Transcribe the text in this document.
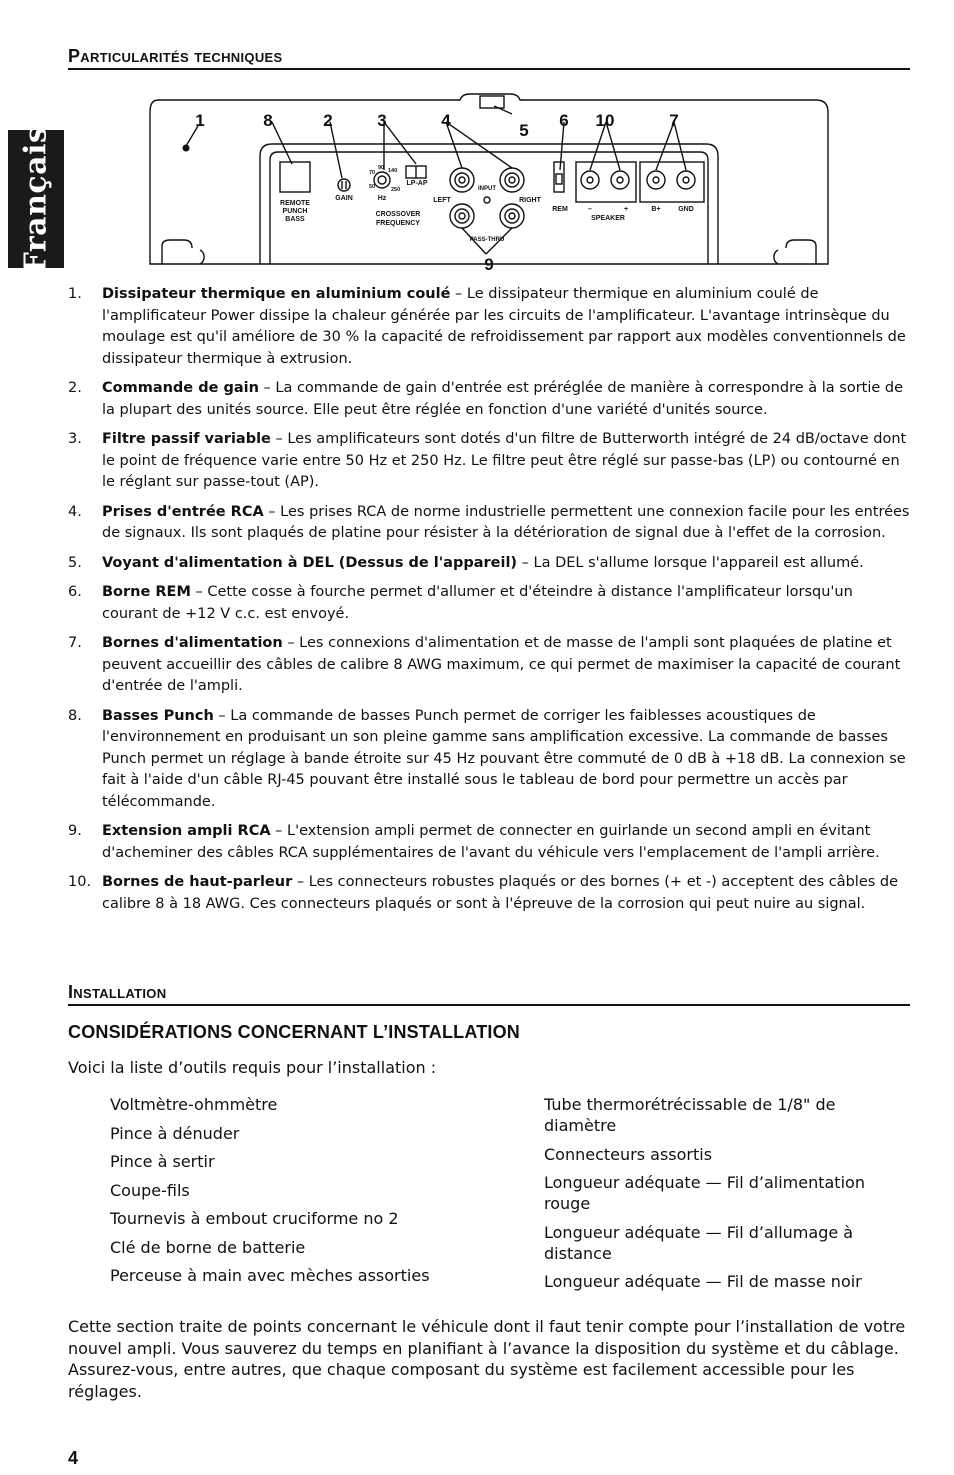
Français
Particularités techniques
1	8	2	3	4
5
6 10	7
9
REMOTE
PUNCH
BASS
GAIN
LP-AP
70
90 140
50	250
Hz
CROSSOVER
FREQUENCY
INPUT
LEFT	RIGHT
PASS-THRU
REM	–	+
SPEAKER
B+	GND
1. Dissipateur thermique en aluminium coulé – Le dissipateur thermique en aluminium coulé de l'amplificateur Power dissipe la chaleur générée par les circuits de l'amplificateur. L'avantage intrinsèque du moulage est qu'il améliore de 30 % la capacité de refroidissement par rapport aux modèles conventionnels de dissipateur thermique à extrusion.
2. Commande de gain – La commande de gain d'entrée est préréglée de manière à correspondre à la sortie de la plupart des unités source. Elle peut être réglée en fonction d'une variété d'unités source.
3. Filtre passif variable – Les amplificateurs sont dotés d'un filtre de Butterworth intégré de 24 dB/octave dont le point de fréquence varie entre 50 Hz et 250 Hz. Le filtre peut être réglé sur passe-bas (LP) ou contourné en le réglant sur passe-tout (AP).
4. Prises d'entrée RCA – Les prises RCA de norme industrielle permettent une connexion facile pour les entrées de signaux. Ils sont plaqués de platine pour résister à la détérioration de signal due à l'effet de la corrosion.
5. Voyant d'alimentation à DEL (Dessus de l'appareil) – La DEL s'allume lorsque l'appareil est allumé.
6. Borne REM – Cette cosse à fourche permet d'allumer et d'éteindre à distance l'amplificateur lorsqu'un courant de +12 V c.c. est envoyé.
7. Bornes d'alimentation – Les connexions d'alimentation et de masse de l'ampli sont plaquées de platine et peuvent accueillir des câbles de calibre 8 AWG maximum, ce qui permet de maximiser la capacité de courant d'entrée de l'ampli.
8. Basses Punch – La commande de basses Punch permet de corriger les faiblesses acoustiques de l'environnement en produisant un son pleine gamme sans amplification excessive. La commande de basses Punch permet un réglage à bande étroite sur 45 Hz pouvant être commuté de 0 dB à +18 dB. La connexion se fait à l'aide d'un câble RJ-45 pouvant être installé sous le tableau de bord pour permettre un accès par télécommande.
9. Extension ampli RCA – L'extension ampli permet de connecter en guirlande un second ampli en évitant d'acheminer des câbles RCA supplémentaires de l'avant du véhicule vers l'emplacement de l'ampli arrière.
10. Bornes de haut-parleur – Les connecteurs robustes plaqués or des bornes (+ et -) acceptent des câbles de calibre 8 à 18 AWG. Ces connecteurs plaqués or sont à l'épreuve de la corrosion qui peut nuire au signal.
Installation
CONSIDÉRATIONS CONCERNANT L’INSTALLATION
Voici la liste d’outils requis pour l’installation :
Voltmètre-ohmmètre
Pince à dénuder
Pince à sertir
Coupe-fils
Tournevis à embout cruciforme no 2
Clé de borne de batterie
Perceuse à main avec mèches assorties
Tube thermorétrécissable de 1/8" de diamètre
Connecteurs assortis
Longueur adéquate — Fil d’alimentation rouge
Longueur adéquate — Fil d’allumage à distance
Longueur adéquate — Fil de masse noir
Cette section traite de points concernant le véhicule dont il faut tenir compte pour l’installation de votre nouvel ampli. Vous sauverez du temps en planifiant à l’avance la disposition du système et du câblage. Assurez-vous, entre autres, que chaque composant du système est facilement accessible pour les réglages.
4
